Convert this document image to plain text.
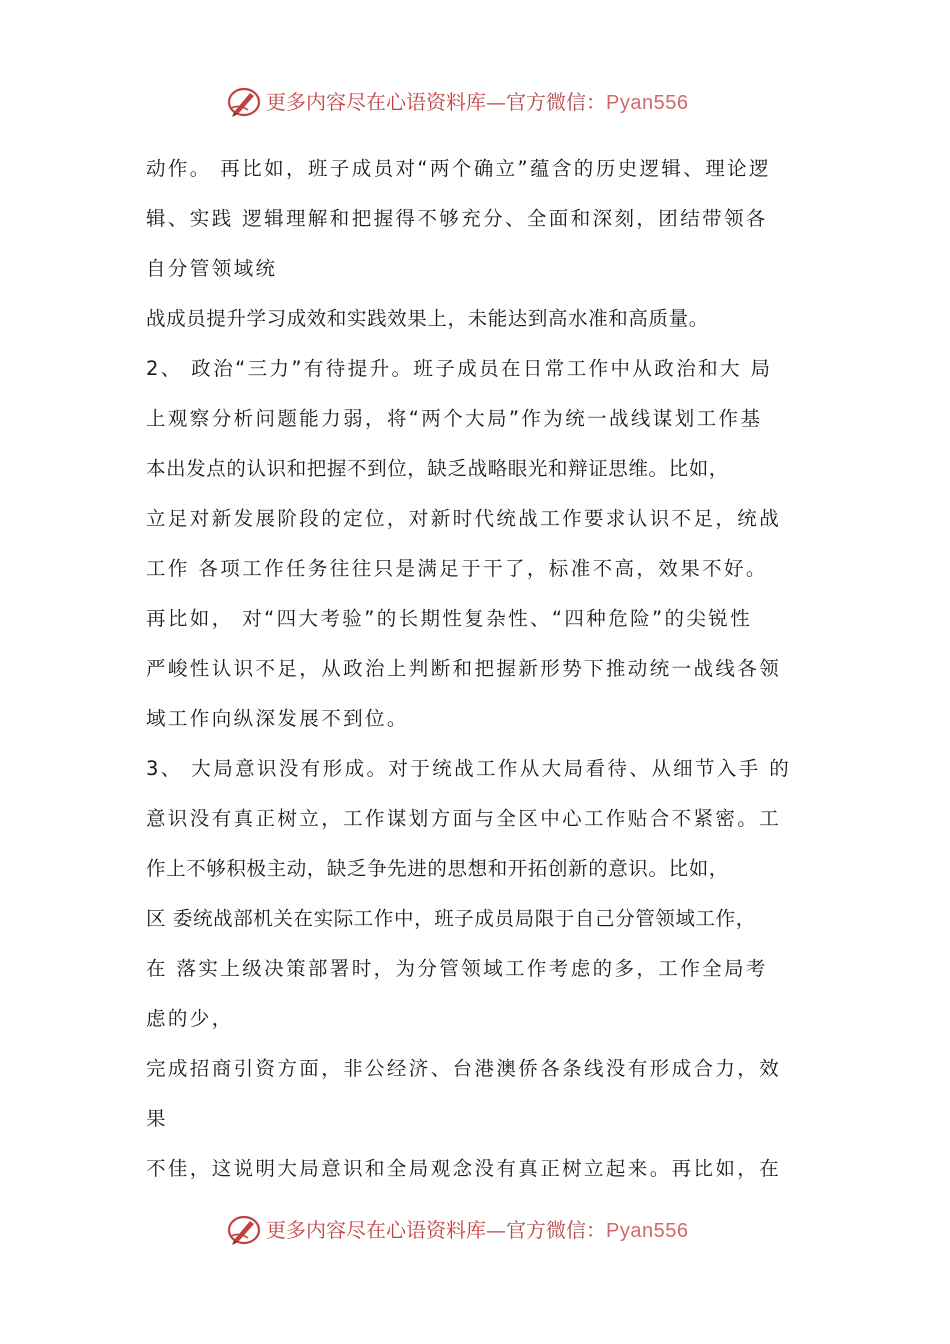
更多内容尽在心语资料库—官方微信：Pyan556
动作。 再比如，班子成员对“两个确立”蕴含的历史逻辑、理论逻
辑、实践 逻辑理解和把握得不够充分、全面和深刻，团结带领各
自分管领域统
战成员提升学习成效和实践效果上，未能达到高水准和高质量。
2、 政治“三力”有待提升。班子成员在日常工作中从政治和大 局
上观察分析问题能力弱，将“两个大局”作为统一战线谋划工作基
本出发点的认识和把握不到位，缺乏战略眼光和辩证思维。比如，
立足对新发展阶段的定位，对新时代统战工作要求认识不足，统战
工作 各项工作任务往往只是满足于干了，标准不高，效果不好。
再比如， 对“四大考验”的长期性复杂性、“四种危险”的尖锐性
严峻性认识不足，从政治上判断和把握新形势下推动统一战线各领
域工作向纵深发展不到位。
3、 大局意识没有形成。对于统战工作从大局看待、从细节入手 的
意识没有真正树立，工作谋划方面与全区中心工作贴合不紧密。工
作上不够积极主动，缺乏争先进的思想和开拓创新的意识。比如，
区 委统战部机关在实际工作中，班子成员局限于自己分管领域工作，
在 落实上级决策部署时，为分管领域工作考虑的多，工作全局考
虑的少，
完成招商引资方面，非公经济、台港澳侨各条线没有形成合力，效
果
不佳，这说明大局意识和全局观念没有真正树立起来。再比如，在
更多内容尽在心语资料库—官方微信：Pyan556
